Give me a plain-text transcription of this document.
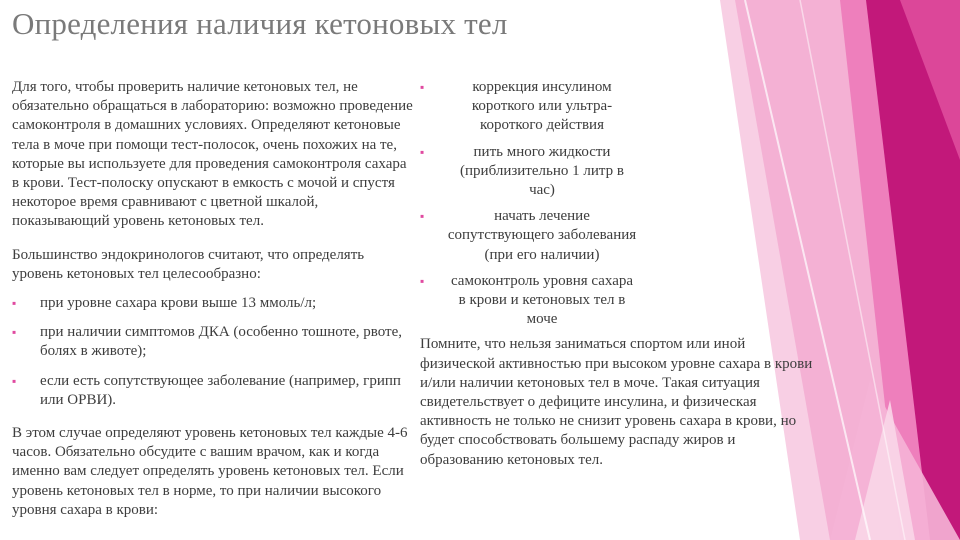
Определения наличия кетоновых тел

Для того, чтобы проверить наличие кетоновых тел, не обязательно обращаться в лабораторию: возможно проведение самоконтроля в домашних условиях. Определяют кетоновые тела в моче при помощи тест-полосок, очень похожих на те, которые вы используете для проведения самоконтроля сахара в крови. Тест-полоску опускают в емкость с мочой и спустя некоторое время сравнивают с цветной шкалой, показывающий уровень кетоновых тел.

Большинство эндокринологов считают, что определять уровень кетоновых тел целесообразно:

▪ при уровне сахара крови выше 13 ммоль/л;
▪ при наличии симптомов ДКА (особенно тошноте, рвоте, болях в животе);
▪ если есть сопутствующее заболевание (например, грипп или ОРВИ).

В этом случае определяют уровень кетоновых тел каждые 4-6 часов. Обязательно обсудите с вашим врачом, как и когда именно вам следует определять уровень кетоновых тел. Если уровень кетоновых тел в норме, то при наличии высокого уровня сахара в крови:

▪	коррекция инсулином короткого или ультра-короткого действия
▪	пить много жидкости (приблизительно 1 литр в час)
▪	начать лечение сопутствующего заболевания (при его наличии)
▪ самоконтроль уровня сахара в крови и кетоновых тел в моче

Помните, что нельзя заниматься спортом или иной физической активностью при высоком уровне сахара в крови и/или наличии кетоновых тел в моче. Такая ситуация свидетельствует о дефиците инсулина, и физическая активность не только не снизит уровень сахара в крови, но будет способствовать большему распаду жиров и образованию кетоновых тел.
